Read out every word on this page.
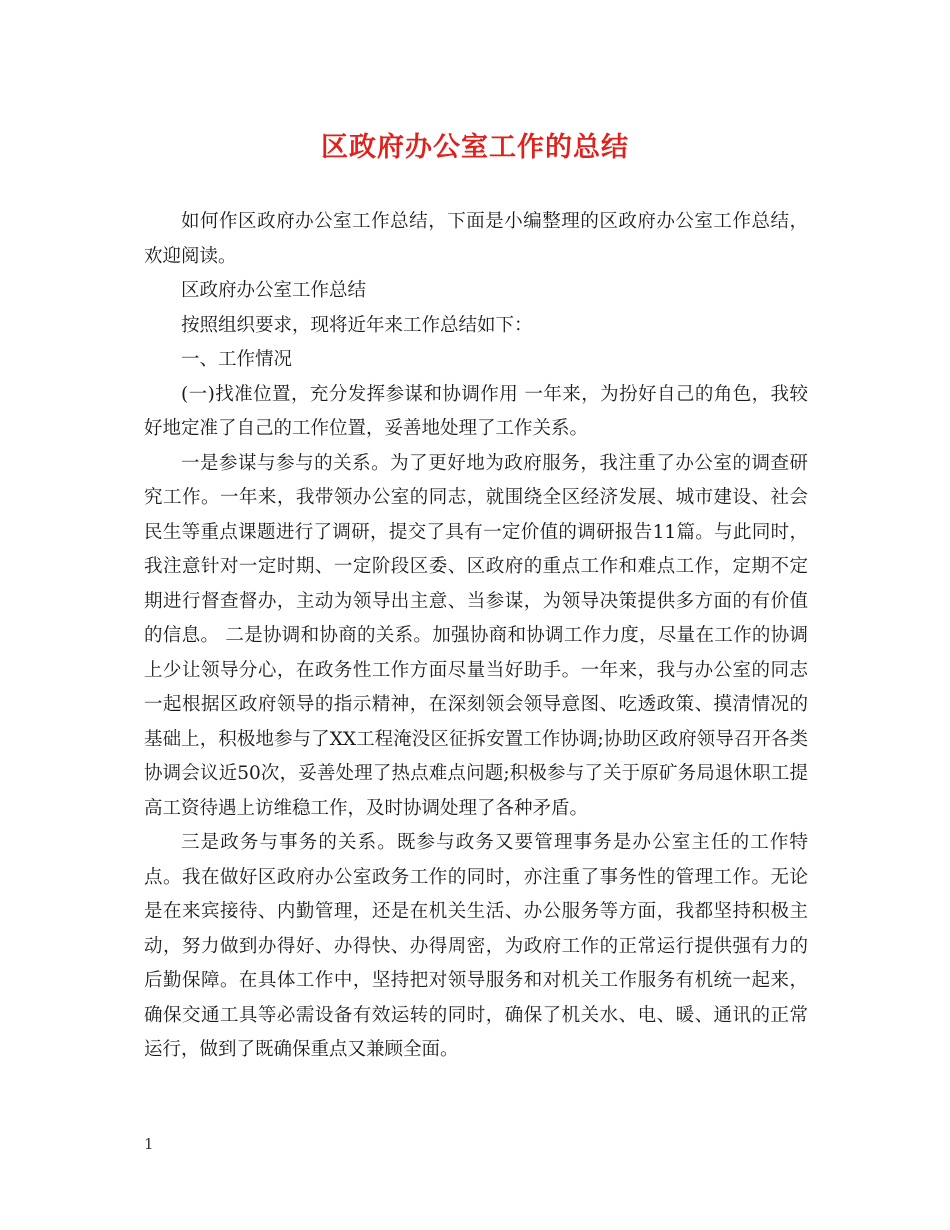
区政府办公室工作的总结

如何作区政府办公室工作总结，下面是小编整理的区政府办公室工作总结，欢迎阅读。

区政府办公室工作总结

按照组织要求，现将近年来工作总结如下：

一、工作情况

(一)找准位置，充分发挥参谋和协调作用 一年来，为扮好自己的角色，我较好地定准了自己的工作位置，妥善地处理了工作关系。

一是参谋与参与的关系。为了更好地为政府服务，我注重了办公室的调查研究工作。一年来，我带领办公室的同志，就围绕全区经济发展、城市建设、社会民生等重点课题进行了调研，提交了具有一定价值的调研报告11篇。与此同时，我注意针对一定时期、一定阶段区委、区政府的重点工作和难点工作，定期不定期进行督查督办，主动为领导出主意、当参谋，为领导决策提供多方面的有价值的信息。 二是协调和协商的关系。加强协商和协调工作力度，尽量在工作的协调上少让领导分心，在政务性工作方面尽量当好助手。一年来，我与办公室的同志一起根据区政府领导的指示精神，在深刻领会领导意图、吃透政策、摸清情况的基础上，积极地参与了XX工程淹没区征拆安置工作协调;协助区政府领导召开各类协调会议近50次，妥善处理了热点难点问题;积极参与了关于原矿务局退休职工提高工资待遇上访维稳工作，及时协调处理了各种矛盾。

三是政务与事务的关系。既参与政务又要管理事务是办公室主任的工作特点。我在做好区政府办公室政务工作的同时，亦注重了事务性的管理工作。无论是在来宾接待、内勤管理，还是在机关生活、办公服务等方面，我都坚持积极主动，努力做到办得好、办得快、办得周密，为政府工作的正常运行提供强有力的后勤保障。在具体工作中，坚持把对领导服务和对机关工作服务有机统一起来，确保交通工具等必需设备有效运转的同时，确保了机关水、电、暖、通讯的正常运行，做到了既确保重点又兼顾全面。

1
